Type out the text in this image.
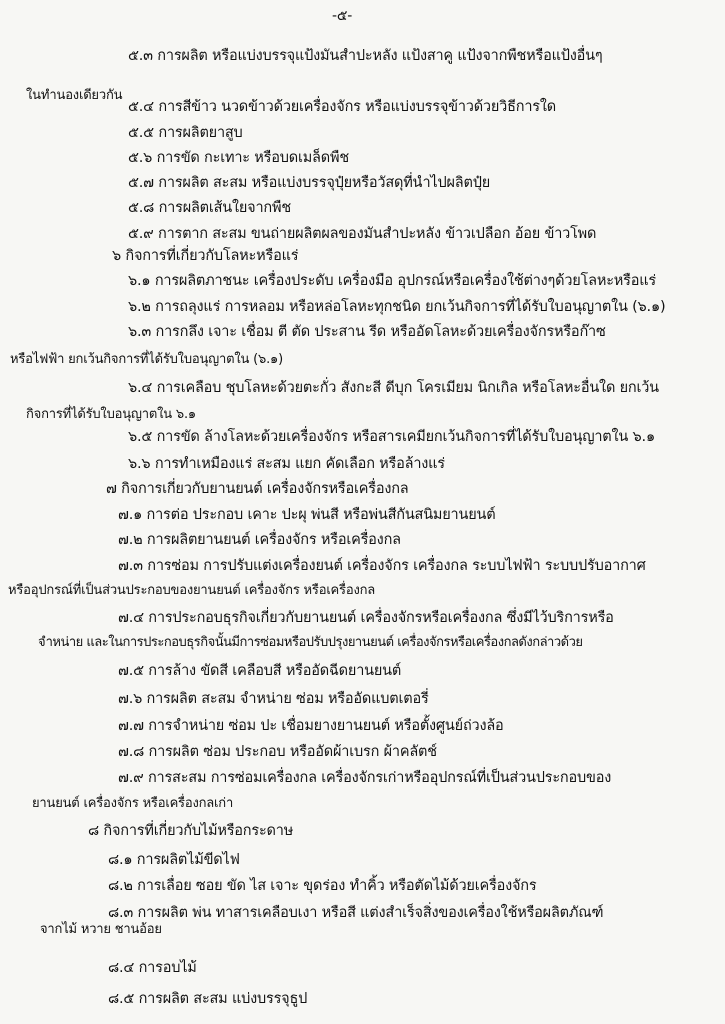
-๕-
๕.๓ การผลิต หรือแบ่งบรรจุแป้งมันสำปะหลัง แป้งสาคู แป้งจากพืชหรือแป้งอื่นๆ
ในทำนองเดียวกัน
๕.๔ การสีข้าว นวดข้าวด้วยเครื่องจักร หรือแบ่งบรรจุข้าวด้วยวิธีการใด
๕.๕ การผลิตยาสูบ
๕.๖ การขัด กะเทาะ หรือบดเมล็ดพืช
๕.๗ การผลิต สะสม หรือแบ่งบรรจุปุ๋ยหรือวัสดุที่นำไปผลิตปุ๋ย
๕.๘ การผลิตเส้นใยจากพืช
๕.๙ การตาก สะสม ขนถ่ายผลิตผลของมันสำปะหลัง ข้าวเปลือก อ้อย ข้าวโพด
๖ กิจการที่เกี่ยวกับโลหะหรือแร่
๖.๑ การผลิตภาชนะ เครื่องประดับ เครื่องมือ อุปกรณ์หรือเครื่องใช้ต่างๆด้วยโลหะหรือแร่
๖.๒ การถลุงแร่ การหลอม หรือหล่อโลหะทุกชนิด ยกเว้นกิจการที่ได้รับใบอนุญาตใน (๖.๑)
๖.๓ การกลึง เจาะ เชื่อม ตี ตัด ประสาน รีด หรืออัดโลหะด้วยเครื่องจักรหรือก๊าซ
หรือไฟฟ้า ยกเว้นกิจการที่ได้รับใบอนุญาตใน (๖.๑)
๖.๔ การเคลือบ ชุบโลหะด้วยตะกั่ว สังกะสี ดีบุก โครเมียม นิกเกิล หรือโลหะอื่นใด ยกเว้น
กิจการที่ได้รับใบอนุญาตใน ๖.๑
๖.๕ การขัด ล้างโลหะด้วยเครื่องจักร หรือสารเคมียกเว้นกิจการที่ได้รับใบอนุญาตใน ๖.๑
๖.๖ การทำเหมืองแร่ สะสม แยก คัดเลือก หรือล้างแร่
๗ กิจการเกี่ยวกับยานยนต์ เครื่องจักรหรือเครื่องกล
๗.๑ การต่อ ประกอบ เคาะ ปะผุ พ่นสี หรือพ่นสีกันสนิมยานยนต์
๗.๒ การผลิตยานยนต์ เครื่องจักร หรือเครื่องกล
๗.๓ การซ่อม การปรับแต่งเครื่องยนต์ เครื่องจักร เครื่องกล ระบบไฟฟ้า ระบบปรับอากาศ
หรืออุปกรณ์ที่เป็นส่วนประกอบของยานยนต์ เครื่องจักร หรือเครื่องกล
๗.๔ การประกอบธุรกิจเกี่ยวกับยานยนต์ เครื่องจักรหรือเครื่องกล ซึ่งมีไว้บริการหรือ
จำหน่าย และในการประกอบธุรกิจนั้นมีการซ่อมหรือปรับปรุงยานยนต์ เครื่องจักรหรือเครื่องกลดังกล่าวด้วย
๗.๕ การล้าง ขัดสี เคลือบสี หรืออัดฉีดยานยนต์
๗.๖ การผลิต สะสม จำหน่าย ซ่อม หรืออัดแบตเตอรี่
๗.๗ การจำหน่าย ซ่อม ปะ เชื่อมยางยานยนต์ หรือตั้งศูนย์ถ่วงล้อ
๗.๘ การผลิต ซ่อม ประกอบ หรืออัดผ้าเบรก ผ้าคลัตช์
๗.๙ การสะสม การซ่อมเครื่องกล เครื่องจักรเก่าหรืออุปกรณ์ที่เป็นส่วนประกอบของ
ยานยนต์ เครื่องจักร หรือเครื่องกลเก่า
๘ กิจการที่เกี่ยวกับไม้หรือกระดาษ
๘.๑ การผลิตไม้ขีดไฟ
๘.๒ การเลื่อย ซอย ขัด ไส เจาะ ขุดร่อง ทำคิ้ว หรือตัดไม้ด้วยเครื่องจักร
๘.๓ การผลิต พ่น ทาสารเคลือบเงา หรือสี แต่งสำเร็จสิ่งของเครื่องใช้หรือผลิตภัณฑ์
จากไม้ หวาย ชานอ้อย
๘.๔ การอบไม้
๘.๕ การผลิต สะสม แบ่งบรรจุธูป
